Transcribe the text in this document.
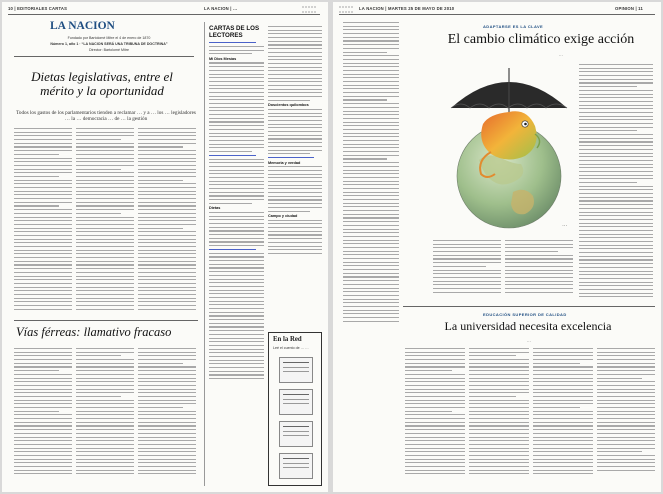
10 | EDITORIALES CARTAS	LA NACION | …
LA NACION
Fundado por Bartolomé Mitre el 4 de enero de 1870
Número 1, año 1 · “LA NACION SERÁ UNA TRIBUNA DE DOCTRINA”
Director: Bartolomé Mitre
Dietas legislativas, entre el mérito y la oportunidad
Todos los gastos de los parlamentarios tienden a reclamar … y a … los … legisladores … la … democracia … de … la gestión
Vías férreas: llamativo fracaso
CARTAS DE LOS LECTORES
Mi Dios Mesías
Dietas
Doscientos quilombos
Memoria y verdad
Campo y ciudad
En la Red
Leé el cuento de … …
LA NACION | MARTES 25 DE MAYO DE 2010	OPINION | 11
ADAPTARSE ES LA CLAVE
El cambio climático exige acción
…
…
EDUCACIÓN SUPERIOR DE CALIDAD
La universidad necesita excelencia
…
